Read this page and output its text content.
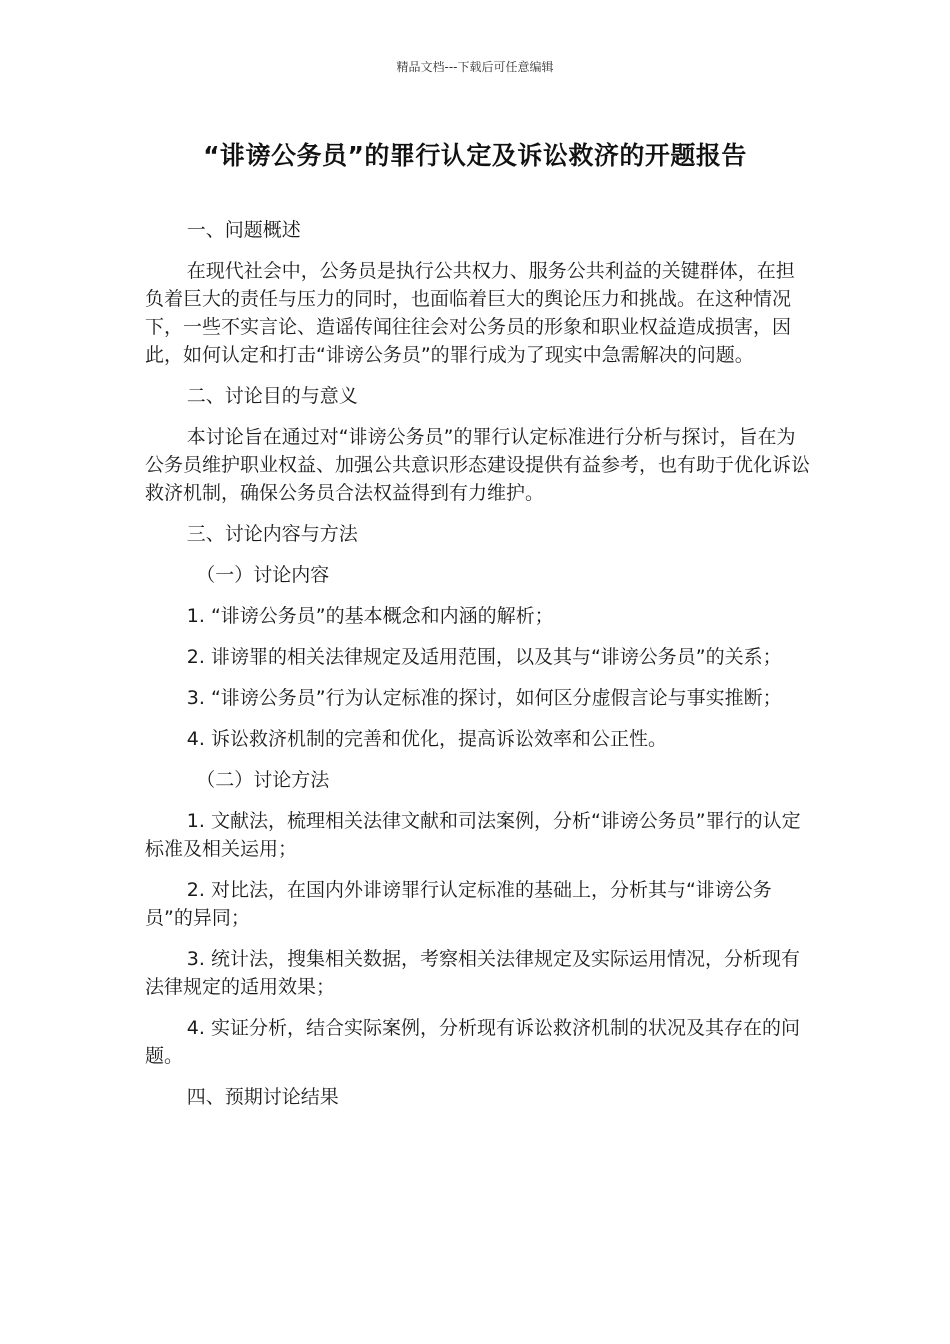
精品文档---下载后可任意编辑
“诽谤公务员”的罪行认定及诉讼救济的开题报告

一、问题概述

在现代社会中，公务员是执行公共权力、服务公共利益的关键群体，在担负着巨大的责任与压力的同时，也面临着巨大的舆论压力和挑战。在这种情况下，一些不实言论、造谣传闻往往会对公务员的形象和职业权益造成损害，因此，如何认定和打击“诽谤公务员”的罪行成为了现实中急需解决的问题。

二、讨论目的与意义

本讨论旨在通过对“诽谤公务员”的罪行认定标准进行分析与探讨，旨在为公务员维护职业权益、加强公共意识形态建设提供有益参考，也有助于优化诉讼救济机制，确保公务员合法权益得到有力维护。

三、讨论内容与方法

（一）讨论内容

1. “诽谤公务员”的基本概念和内涵的解析；

2. 诽谤罪的相关法律规定及适用范围，以及其与“诽谤公务员”的关系；

3. “诽谤公务员”行为认定标准的探讨，如何区分虚假言论与事实推断；

4. 诉讼救济机制的完善和优化，提高诉讼效率和公正性。

（二）讨论方法

1. 文献法，梳理相关法律文献和司法案例，分析“诽谤公务员”罪行的认定标准及相关运用；

2. 对比法，在国内外诽谤罪行认定标准的基础上，分析其与“诽谤公务员”的异同；

3. 统计法，搜集相关数据，考察相关法律规定及实际运用情况，分析现有法律规定的适用效果；

4. 实证分析，结合实际案例，分析现有诉讼救济机制的状况及其存在的问题。

四、预期讨论结果
